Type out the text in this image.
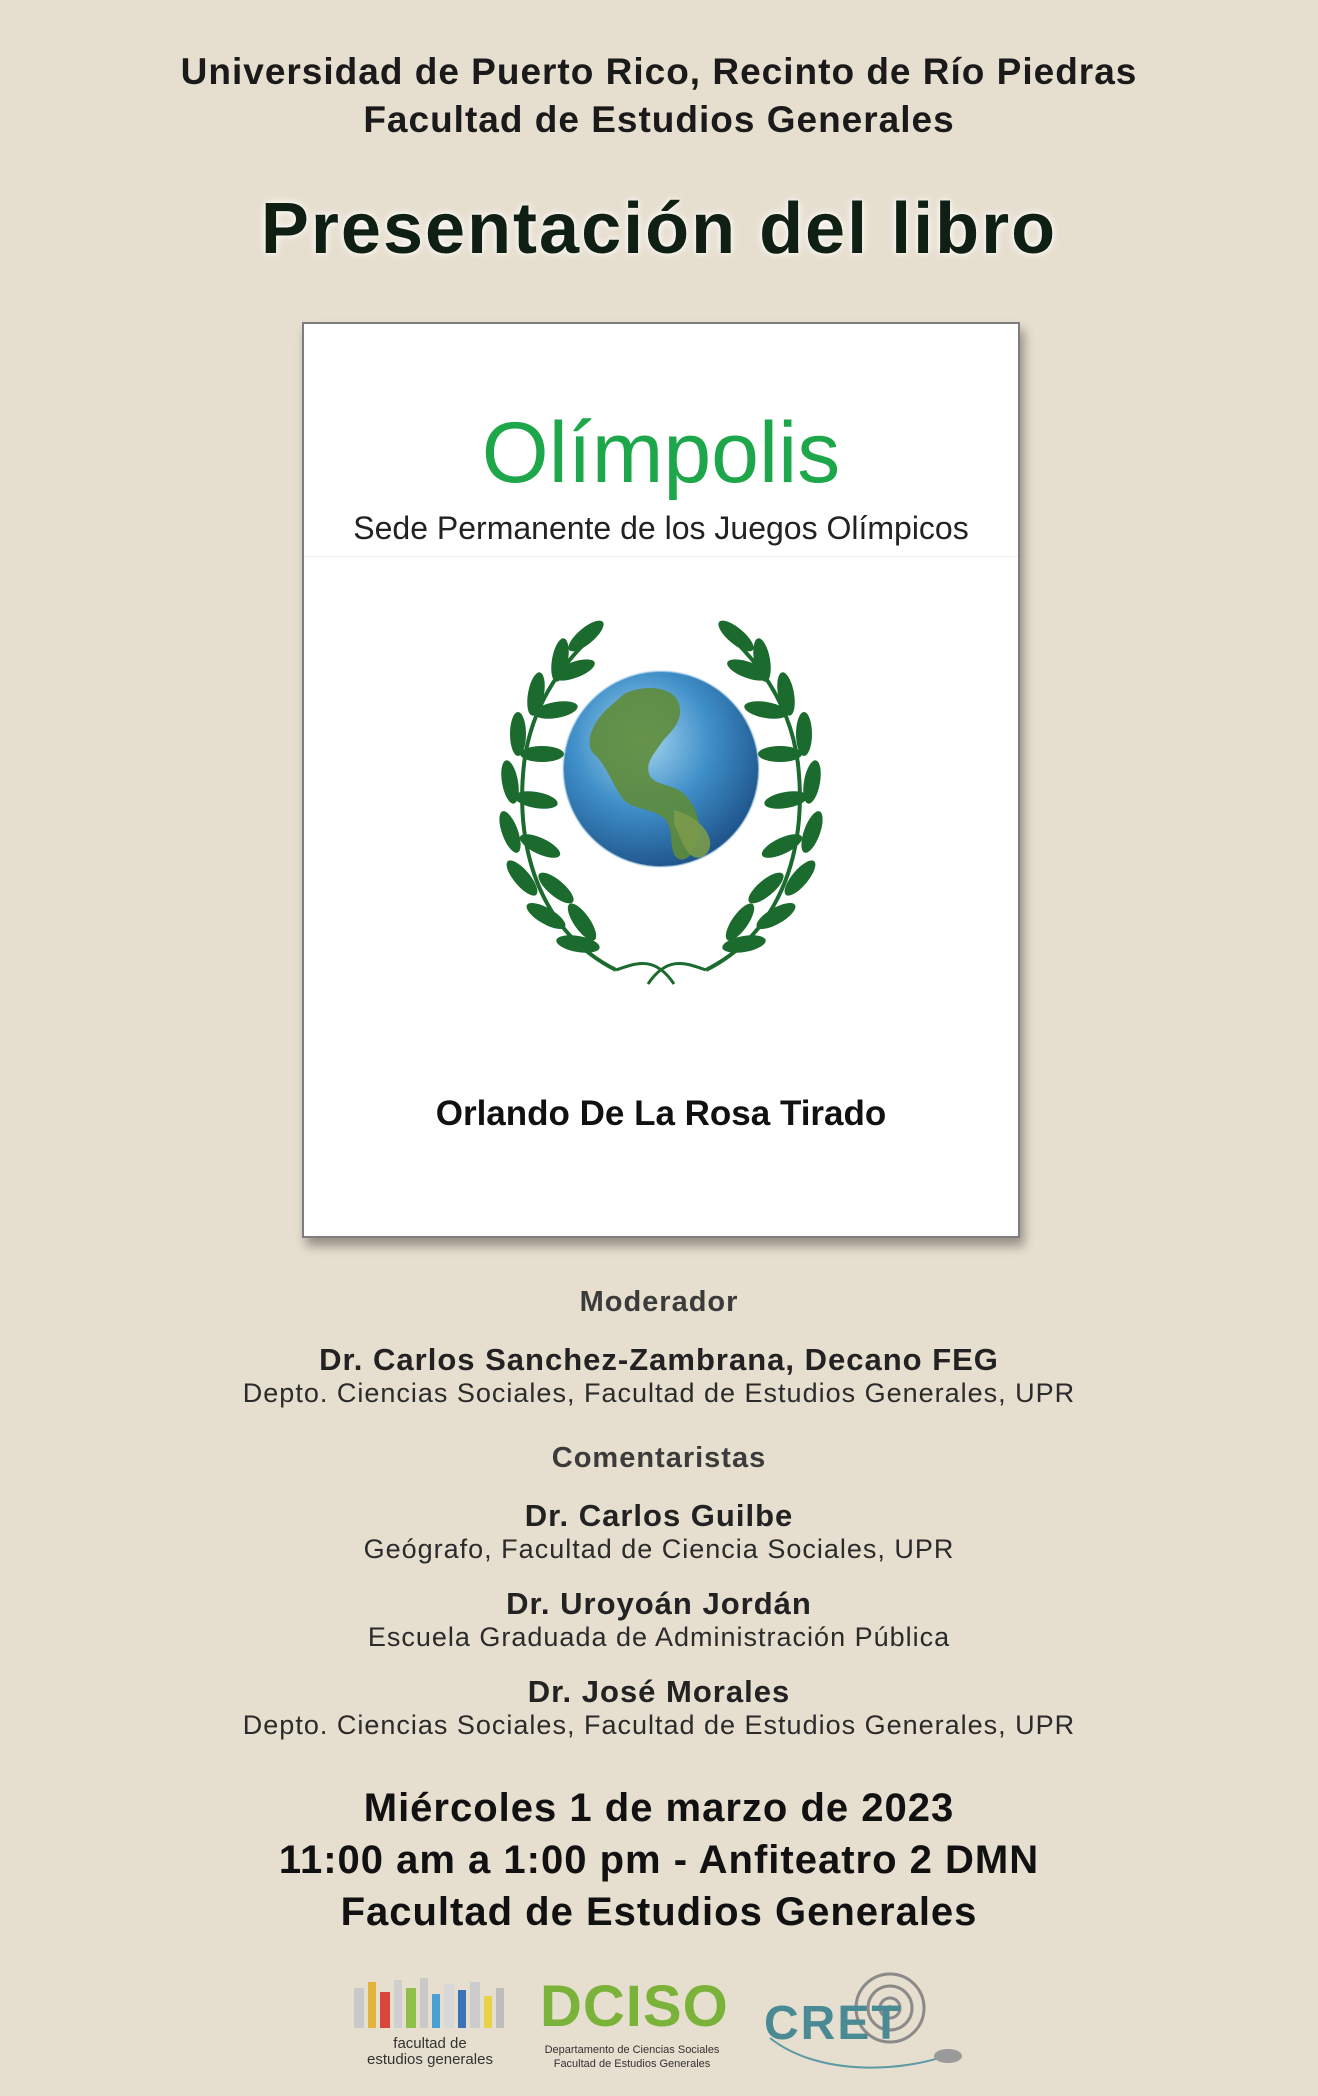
Universidad de Puerto Rico, Recinto de Río Piedras
Facultad de Estudios Generales
Presentación del libro
Olímpolis
Sede Permanente de los Juegos Olímpicos
Orlando De La Rosa Tirado
Moderador
Dr. Carlos Sanchez-Zambrana, Decano FEG
Depto. Ciencias Sociales, Facultad de Estudios Generales, UPR
Comentaristas
Dr. Carlos Guilbe
Geógrafo, Facultad de Ciencia Sociales, UPR
Dr. Uroyoán Jordán
Escuela Graduada de Administración Pública
Dr. José Morales
Depto. Ciencias Sociales, Facultad de Estudios Generales, UPR
Miércoles 1 de marzo de 2023
11:00 am a 1:00 pm - Anfiteatro 2 DMN
Facultad de Estudios Generales
facultad de
estudios generales
DCISO
Departamento de Ciencias Sociales
Facultad de Estudios Generales
CRET
